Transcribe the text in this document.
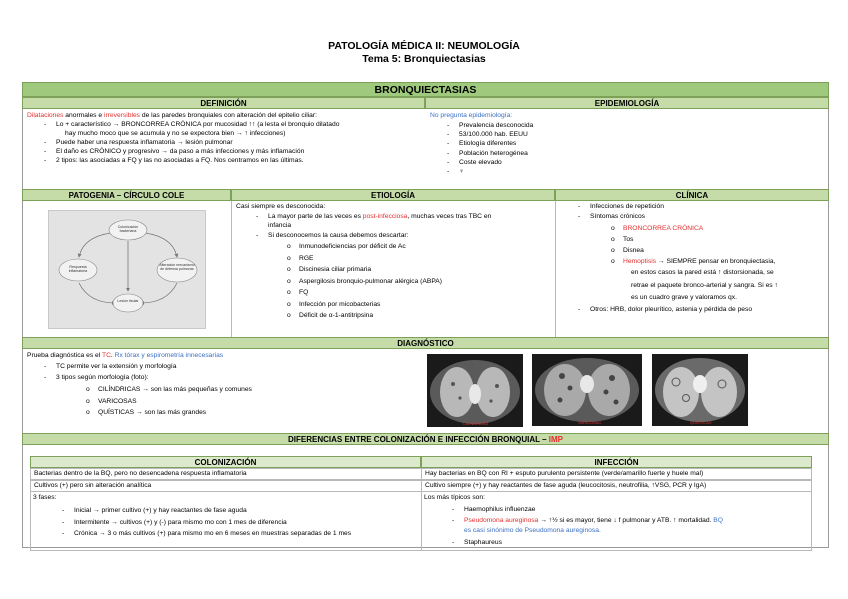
PATOLOGÍA MÉDICA II: NEUMOLOGÍA
Tema 5: Bronquiectasias
BRONQUIECTASIAS
DEFINICIÓN	EPIDEMIOLOGÍA
Dilataciones anormales e irreversibles de las paredes bronquiales con alteración del epitelio ciliar:
- Lo + característico → BRONCORREA CRÓNICA por mucosidad ↑↑ (a lesta el bronquio dilatado
hay mucho moco que se acumula y no se expectora bien → ↑ infecciones)
- Puede haber una respuesta inflamatoria → lesión pulmonar
- El daño es CRÓNICO y progresivo → da paso a más infecciones y más inflamación
- 2 tipos: las asociadas a FQ y las no asociadas a FQ. Nos centramos en las últimas.
No pregunta epidemiología:
- Prevalencia desconocida
- 53/100.000 hab. EEUU
- Etiología diferentes
- Población heterogénea
- Coste elevado
- ♀
PATOGENIA – CÍRCULO COLE	ETIOLOGÍA	CLÍNICA
Colonización bacteriana
Respuesta inflamatoria
Alteración mecanismo de defensa pulmonar
Lesión tisular
Casi siempre es desconocida:
- La mayor parte de las veces es post-infecciosa, muchas veces tras TBC en
infancia
- Si desconocemos la causa debemos descartar:
o Inmunodeficiencias por déficit de Ac
o RGE
o Discinesia ciliar primaria
o Aspergilosis bronquio-pulmonar alérgica (ABPA)
o FQ
o Infección por micobacterias
o Déficit de α-1-antitripsina
- Infecciones de repetición
- Síntomas crónicos
o BRONCORREA CRÓNICA
o Tos
o Disnea
o Hemoptisis → SIEMPRE pensar en bronquiectasia,
en estos casos la pared está ↑ distorsionada, se
retrae el paquete bronco-arterial y sangra. Si es ↑
es un cuadro grave y valoramos qx.
- Otros: HRB, dolor pleurítico, astenia y pérdida de peso
DIAGNÓSTICO
Prueba diagnóstica es el TC. Rx tórax y espirometría innecesarias
- TC permite ver la extensión y morfología
- 3 tipos según morfología (foto):
o CILÍNDRICAS → son las más pequeñas y comunes
o VARICOSAS
o QUÍSTICAS → son las más grandes
CILÍNDRICAS	VARICOSAS	QUÍSTICAS
DIFERENCIAS ENTRE COLONIZACIÓN E INFECCIÓN BRONQUIAL – IMP
COLONIZACIÓN	INFECCIÓN
Bacterias dentro de la BQ, pero no desencadena respuesta inflamatoria	Hay bacterias en BQ con RI + esputo purulento persistente (verde/amarillo fuerte y huele mal)
Cultivos (+) pero sin alteración analítica	Cultivo siempre (+) y hay reactantes de fase aguda (leucocitosis, neutrofilia, ↑VSG, PCR y IgA)
3 fases:
- Inicial → primer cultivo (+) y hay reactantes de fase aguda
- Intermitente → cultivos (+) y (-) para mismo mo con 1 mes de diferencia
- Crónica → 3 o más cultivos (+) para mismo mo en 6 meses en muestras separadas de 1 mes
Los más típicos son:
- Haemophilus influenzae
- Pseudomona aureginosa → ↑½ si es mayor, tiene ↓ f pulmonar y ATB. ↑ mortalidad. BQ
es casi sinónimo de Pseudomona aureginosa.
- Staphaureus
